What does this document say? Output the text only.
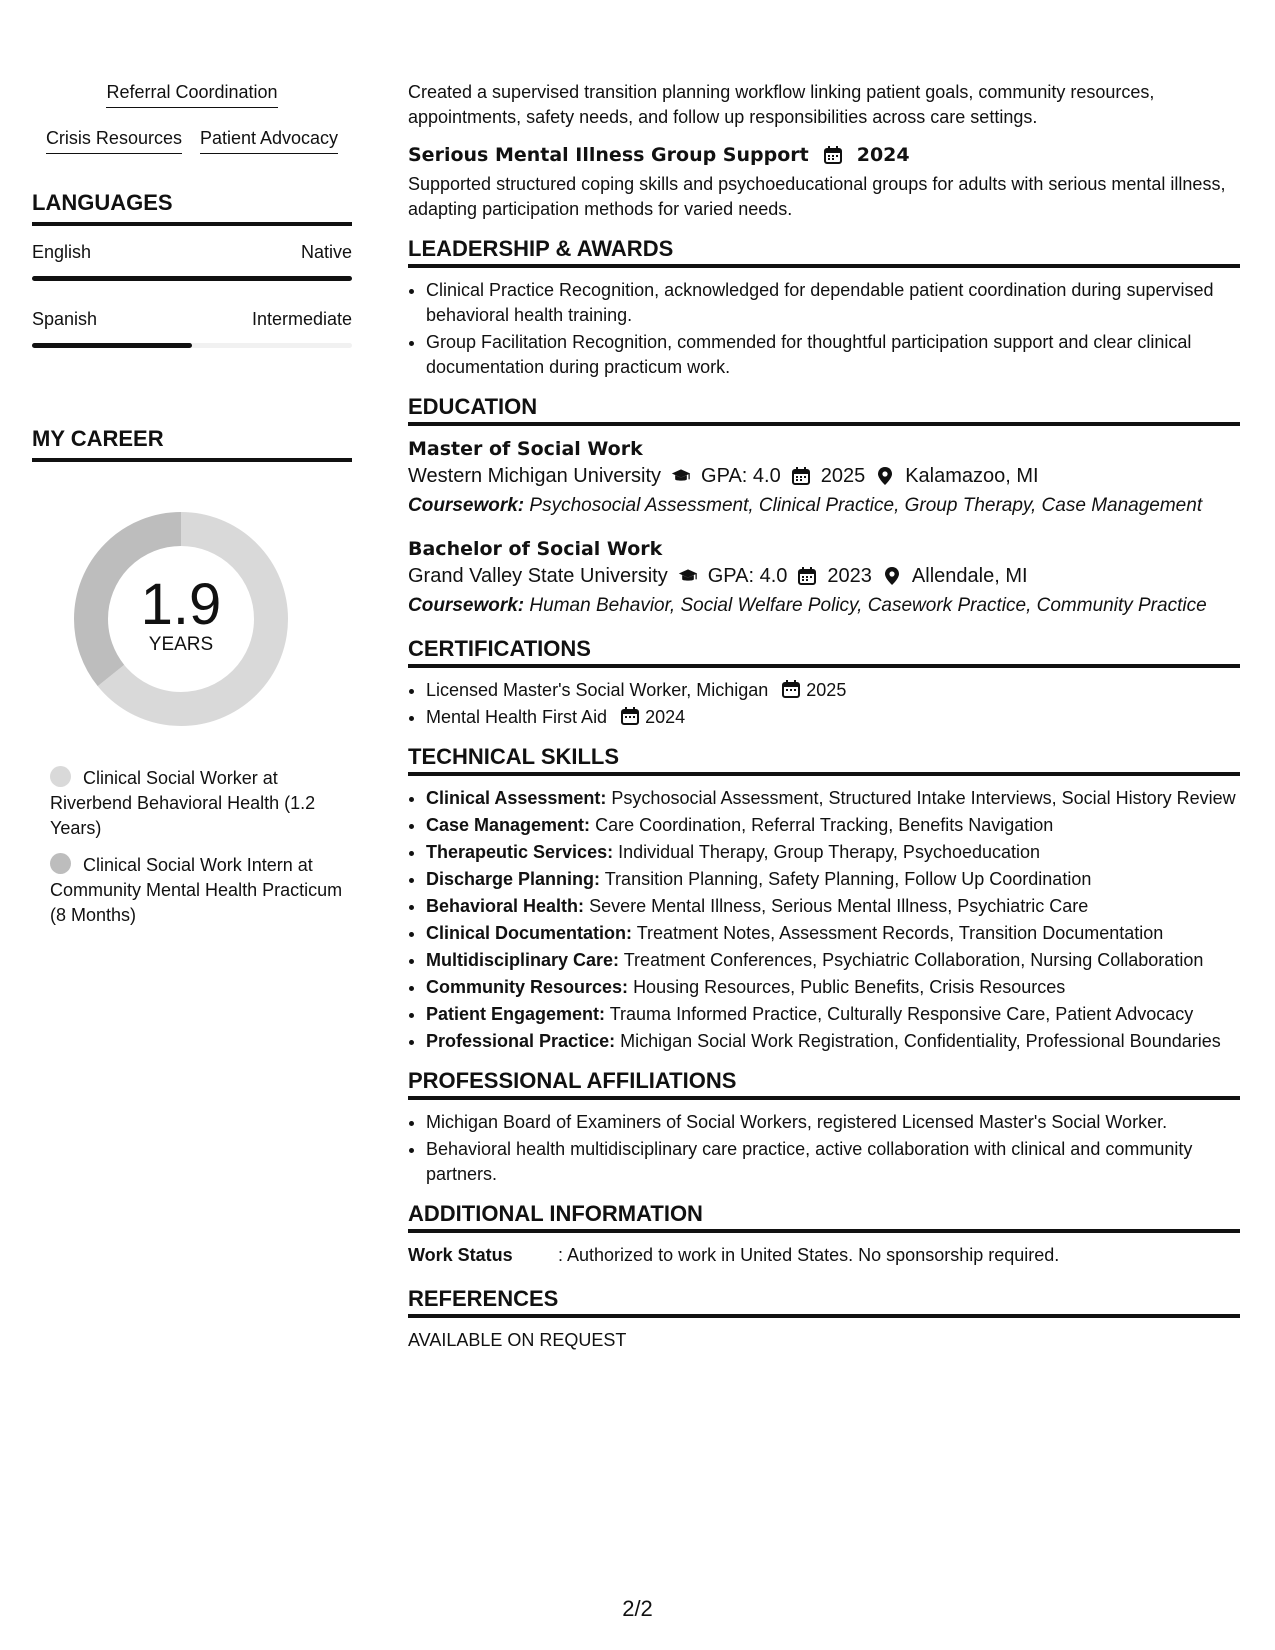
Referral Coordination
Crisis Resources Patient Advocacy
LANGUAGES
English	Native
Spanish	Intermediate
MY CAREER
1.9
YEARS
Clinical Social Worker at Riverbend Behavioral Health (1.2 Years)
Clinical Social Work Intern at Community Mental Health Practicum (8 Months)

Created a supervised transition planning workflow linking patient goals, community resources, appointments, safety needs, and follow up responsibilities across care settings.

Serious Mental Illness Group Support	2024

Supported structured coping skills and psychoeducational groups for adults with serious mental illness, adapting participation methods for varied needs.

LEADERSHIP & AWARDS
• Clinical Practice Recognition, acknowledged for dependable patient coordination during supervised behavioral health training.
• Group Facilitation Recognition, commended for thoughtful participation support and clear clinical documentation during practicum work.
EDUCATION
Master of Social Work
Western Michigan University GPA: 4.0 2025 Kalamazoo, MI
Coursework: Psychosocial Assessment, Clinical Practice, Group Therapy, Case Management
Bachelor of Social Work
Grand Valley State University GPA: 4.0 2023 Allendale, MI
Coursework: Human Behavior, Social Welfare Policy, Casework Practice, Community Practice
CERTIFICATIONS
• Licensed Master's Social Worker, Michigan 2025
• Mental Health First Aid 2024
TECHNICAL SKILLS
• Clinical Assessment: Psychosocial Assessment, Structured Intake Interviews, Social History Review
• Case Management: Care Coordination, Referral Tracking, Benefits Navigation
• Therapeutic Services: Individual Therapy, Group Therapy, Psychoeducation
• Discharge Planning: Transition Planning, Safety Planning, Follow Up Coordination
• Behavioral Health: Severe Mental Illness, Serious Mental Illness, Psychiatric Care
• Clinical Documentation: Treatment Notes, Assessment Records, Transition Documentation
• Multidisciplinary Care: Treatment Conferences, Psychiatric Collaboration, Nursing Collaboration
• Community Resources: Housing Resources, Public Benefits, Crisis Resources
• Patient Engagement: Trauma Informed Practice, Culturally Responsive Care, Patient Advocacy
• Professional Practice: Michigan Social Work Registration, Confidentiality, Professional Boundaries
PROFESSIONAL AFFILIATIONS
• Michigan Board of Examiners of Social Workers, registered Licensed Master's Social Worker.
• Behavioral health multidisciplinary care practice, active collaboration with clinical and community partners.
ADDITIONAL INFORMATION
Work Status	: Authorized to work in United States. No sponsorship required.
REFERENCES
AVAILABLE ON REQUEST
2/2
